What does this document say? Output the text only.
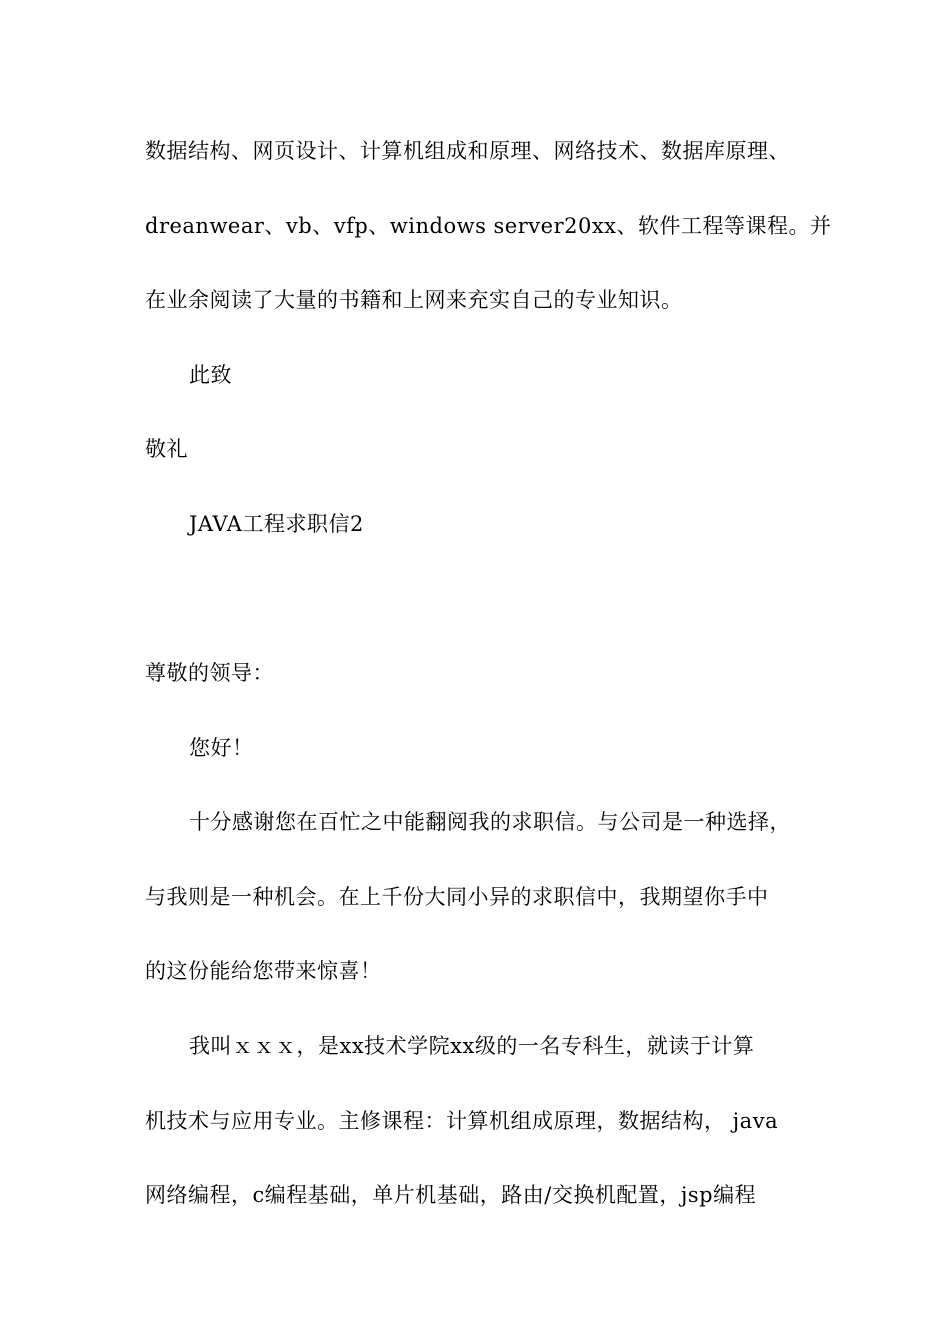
数据结构、网页设计、计算机组成和原理、网络技术、数据库原理、
dreanwear、vb、vfp、windows server20xx、软件工程等课程。并
在业余阅读了大量的书籍和上网来充实自己的专业知识。
此致
敬礼
JAVA工程求职信2
尊敬的领导：
您好！
十分感谢您在百忙之中能翻阅我的求职信。与公司是一种选择，
与我则是一种机会。在上千份大同小异的求职信中，我期望你手中
的这份能给您带来惊喜！
我叫ｘｘｘ，是xx技术学院xx级的一名专科生，就读于计算
机技术与应用专业。主修课程：计算机组成原理，数据结构， java
网络编程，c编程基础，单片机基础，路由/交换机配置，jsp编程
